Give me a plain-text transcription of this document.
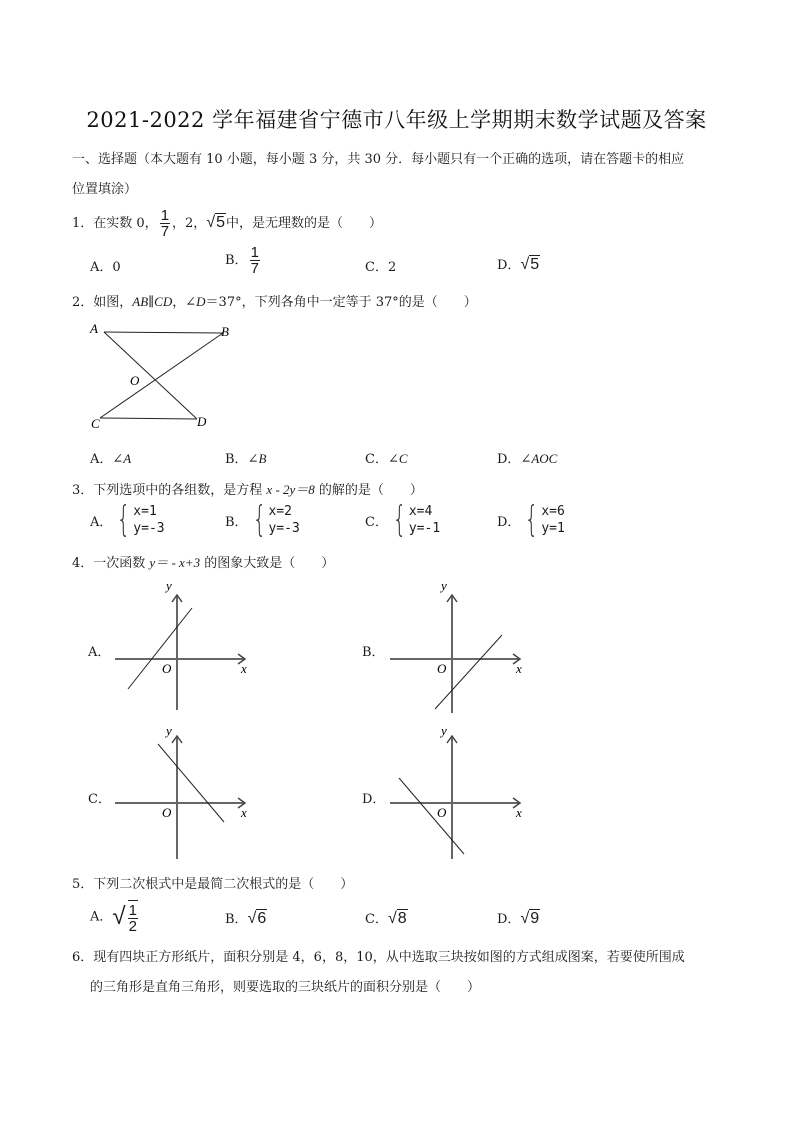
2021-2022 学年福建省宁德市八年级上学期期末数学试题及答案
一、选择题（本大题有 10 小题，每小题 3 分，共 30 分．每小题只有一个正确的选项，请在答题卡的相应
位置填涂）
1．在实数 0， $\frac{1}{7}$ ，2，√5中，是无理数的是（　　）
A．0	B． $\frac{1}{7}$	C．2	D．√5
2．如图，AB∥CD，∠D＝37°，下列各角中一定等于 37°的是（　　）
A	B
O
C	D
A．∠A	B．∠B	C．∠C	D．∠AOC
3．下列选项中的各组数，是方程 x - 2y＝8 的解的是（　　）
A． { x=1
y=-3	B． { x=2
y=-3	C． { x=4
y=-1	D． { x=6
y=1
4．一次函数 y＝ - x+3 的图象大致是（　　）
A．
y
O	x
B．
y
O	x
C．
y
O	x
D．
y
O	x
5．下列二次根式中是最简二次根式的是（　　）
A．√ $\frac{1}{2}$	B．√6	C．√8	D．√9
6．现有四块正方形纸片，面积分别是 4，6，8，10，从中选取三块按如图的方式组成图案，若要使所围成
的三角形是直角三角形，则要选取的三块纸片的面积分别是（　　）
